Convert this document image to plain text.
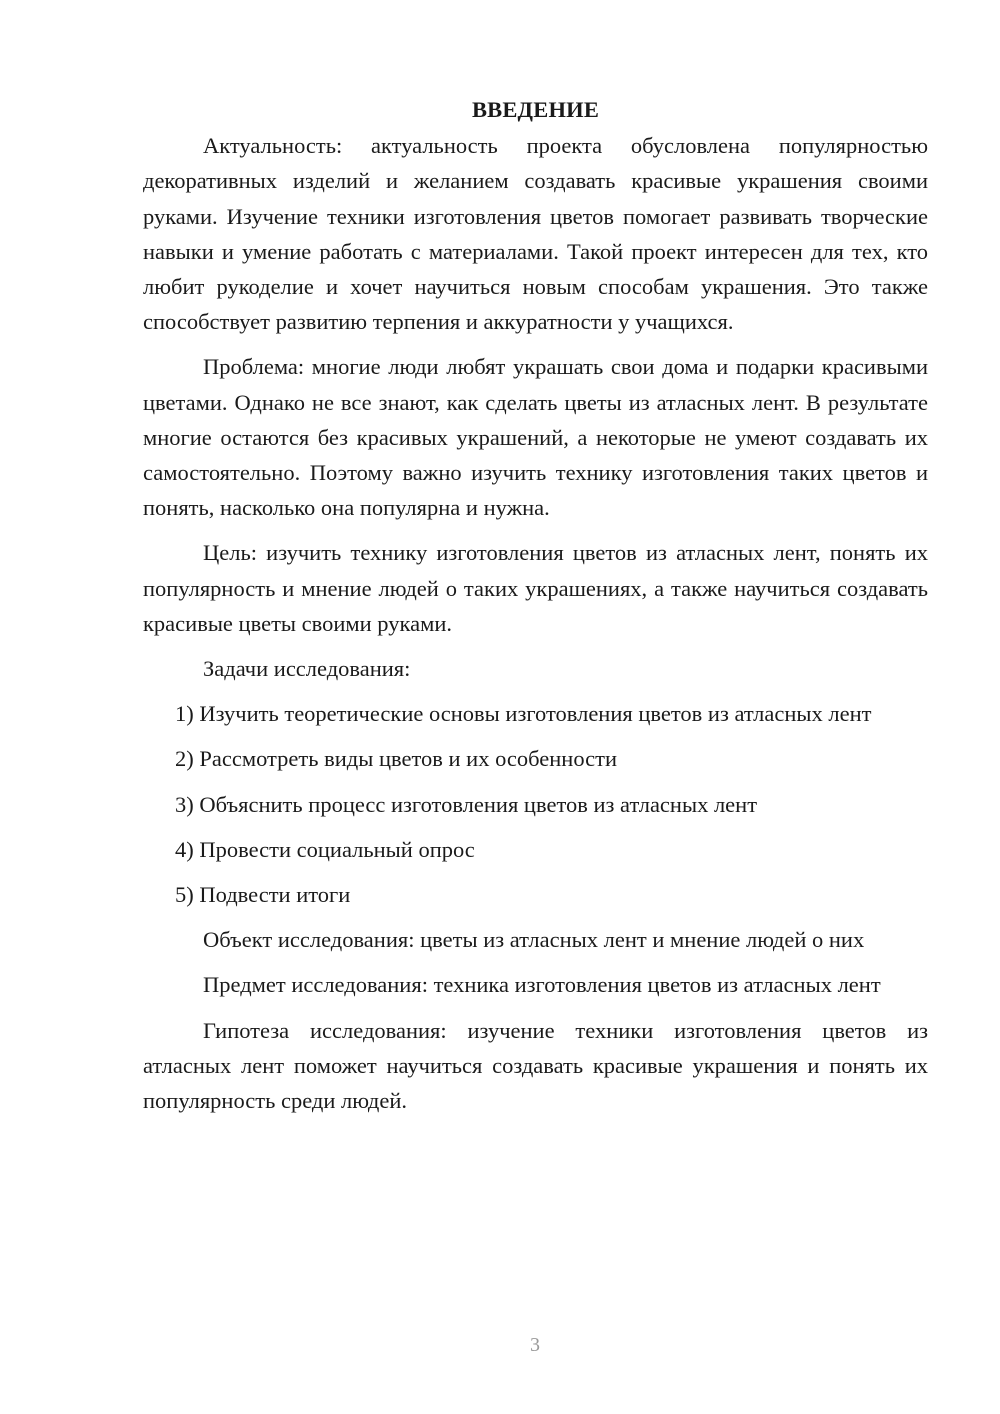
ВВЕДЕНИЕ

Актуальность: актуальность проекта обусловлена популярностью декоративных изделий и желанием создавать красивые украшения своими руками. Изучение техники изготовления цветов помогает развивать творческие навыки и умение работать с материалами. Такой проект интересен для тех, кто любит рукоделие и хочет научиться новым способам украшения. Это также способствует развитию терпения и аккуратности у учащихся.

Проблема: многие люди любят украшать свои дома и подарки красивыми цветами. Однако не все знают, как сделать цветы из атласных лент. В результате многие остаются без красивых украшений, а некоторые не умеют создавать их самостоятельно. Поэтому важно изучить технику изготовления таких цветов и понять, насколько она популярна и нужна.

Цель: изучить технику изготовления цветов из атласных лент, понять их популярность и мнение людей о таких украшениях, а также научиться создавать красивые цветы своими руками.

Задачи исследования:

1) Изучить теоретические основы изготовления цветов из атласных лент

2) Рассмотреть виды цветов и их особенности

3) Объяснить процесс изготовления цветов из атласных лент

4) Провести социальный опрос

5) Подвести итоги

Объект исследования: цветы из атласных лент и мнение людей о них

Предмет исследования: техника изготовления цветов из атласных лент

Гипотеза исследования: изучение техники изготовления цветов из атласных лент поможет научиться создавать красивые украшения и понять их популярность среди людей.

3
